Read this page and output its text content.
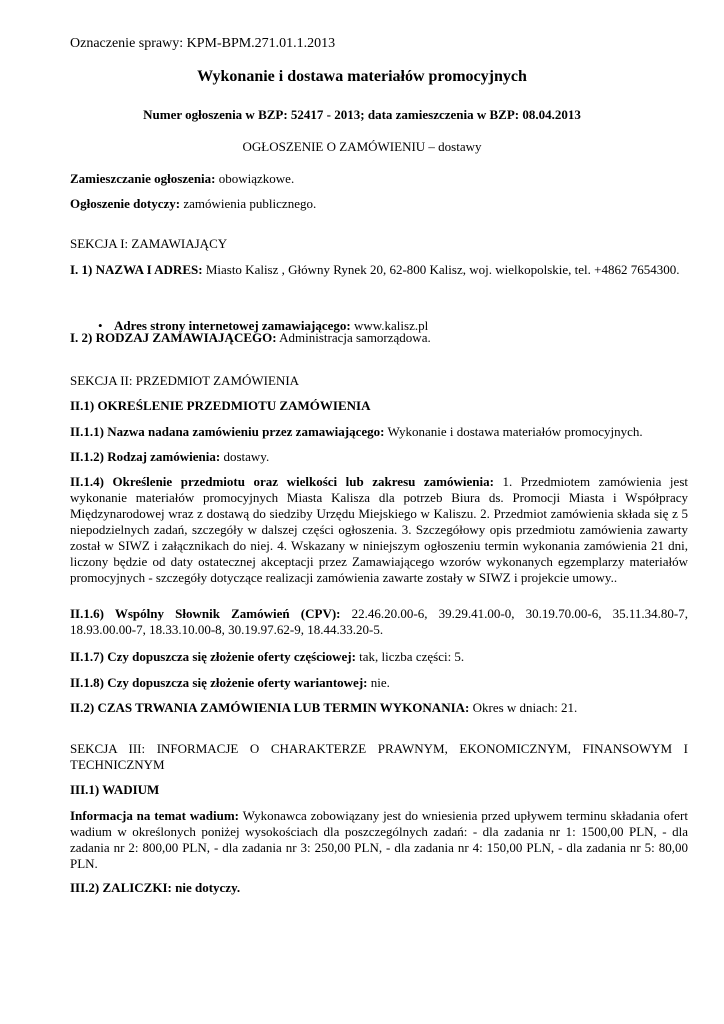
Oznaczenie sprawy: KPM-BPM.271.01.1.2013

Wykonanie i dostawa materiałów promocyjnych

Numer ogłoszenia w BZP: 52417 - 2013; data zamieszczenia w BZP: 08.04.2013

OGŁOSZENIE O ZAMÓWIENIU – dostawy

Zamieszczanie ogłoszenia: obowiązkowe.

Ogłoszenie dotyczy: zamówienia publicznego.

SEKCJA I: ZAMAWIAJĄCY

I. 1) NAZWA I ADRES: Miasto Kalisz , Główny Rynek 20, 62-800 Kalisz, woj. wielkopolskie, tel. +4862 7654300.

• Adres strony internetowej zamawiającego: www.kalisz.pl

I. 2) RODZAJ ZAMAWIAJĄCEGO: Administracja samorządowa.

SEKCJA II: PRZEDMIOT ZAMÓWIENIA

II.1) OKREŚLENIE PRZEDMIOTU ZAMÓWIENIA

II.1.1) Nazwa nadana zamówieniu przez zamawiającego: Wykonanie i dostawa materiałów promocyjnych.

II.1.2) Rodzaj zamówienia: dostawy.

II.1.4) Określenie przedmiotu oraz wielkości lub zakresu zamówienia: 1. Przedmiotem zamówienia jest wykonanie materiałów promocyjnych Miasta Kalisza dla potrzeb Biura ds. Promocji Miasta i Współpracy Międzynarodowej wraz z dostawą do siedziby Urzędu Miejskiego w Kaliszu. 2. Przedmiot zamówienia składa się z 5 niepodzielnych zadań, szczegóły w dalszej części ogłoszenia. 3. Szczegółowy opis przedmiotu zamówienia zawarty został w SIWZ i załącznikach do niej. 4. Wskazany w niniejszym ogłoszeniu termin wykonania zamówienia 21 dni, liczony będzie od daty ostatecznej akceptacji przez Zamawiającego wzorów wykonanych egzemplarzy materiałów promocyjnych - szczegóły dotyczące realizacji zamówienia zawarte zostały w SIWZ i projekcie umowy..

II.1.6) Wspólny Słownik Zamówień (CPV): 22.46.20.00-6, 39.29.41.00-0, 30.19.70.00-6, 35.11.34.80-7, 18.93.00.00-7, 18.33.10.00-8, 30.19.97.62-9, 18.44.33.20-5.

II.1.7) Czy dopuszcza się złożenie oferty częściowej: tak, liczba części: 5.

II.1.8) Czy dopuszcza się złożenie oferty wariantowej: nie.

II.2) CZAS TRWANIA ZAMÓWIENIA LUB TERMIN WYKONANIA: Okres w dniach: 21.

SEKCJA III: INFORMACJE O CHARAKTERZE PRAWNYM, EKONOMICZNYM, FINANSOWYM I TECHNICZNYM

III.1) WADIUM

Informacja na temat wadium: Wykonawca zobowiązany jest do wniesienia przed upływem terminu składania ofert wadium w określonych poniżej wysokościach dla poszczególnych zadań: - dla zadania nr 1: 1500,00 PLN, - dla zadania nr 2: 800,00 PLN, - dla zadania nr 3: 250,00 PLN, - dla zadania nr 4: 150,00 PLN, - dla zadania nr 5: 80,00 PLN.

III.2) ZALICZKI: nie dotyczy.
